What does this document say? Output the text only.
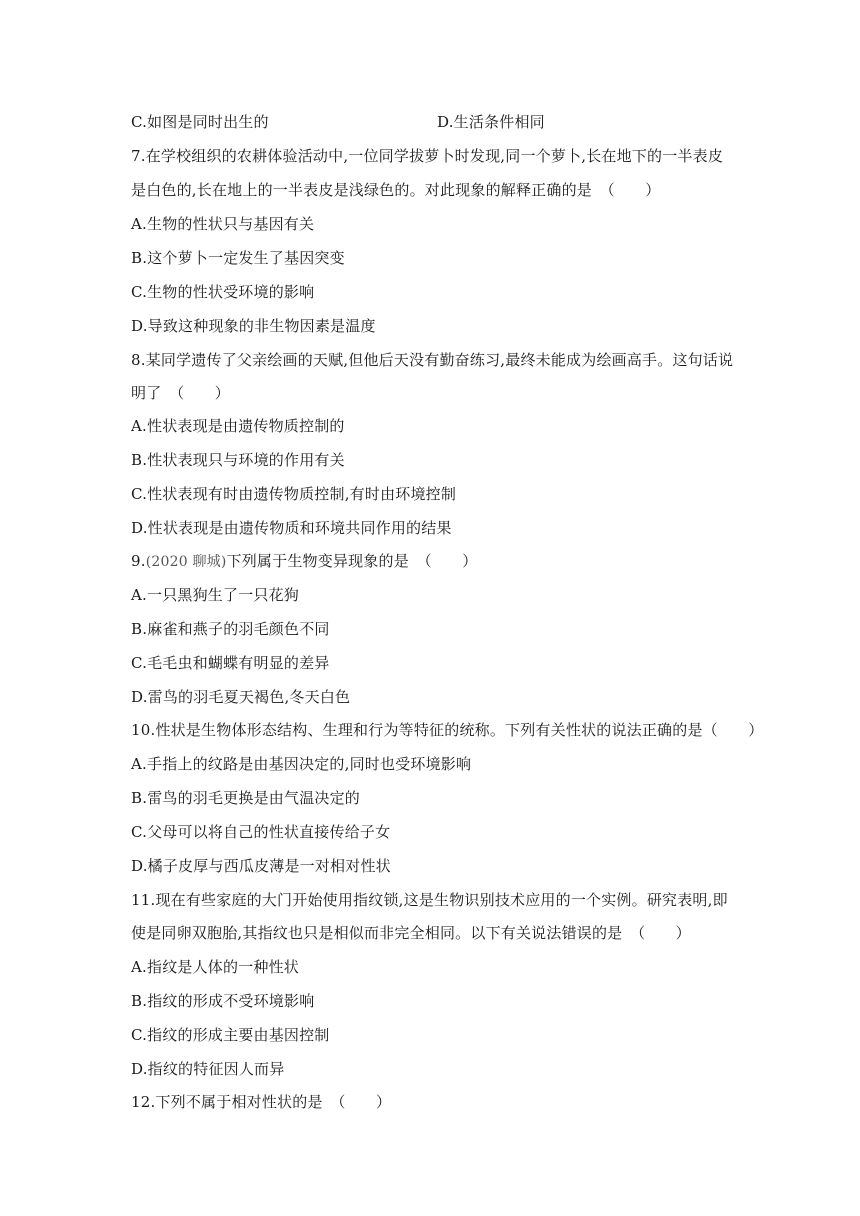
C.如图是同时出生的	D.生活条件相同
7.在学校组织的农耕体验活动中,一位同学拔萝卜时发现,同一个萝卜,长在地下的一半表皮
是白色的,长在地上的一半表皮是浅绿色的。对此现象的解释正确的是　（　　）
A.生物的性状只与基因有关
B.这个萝卜一定发生了基因突变
C.生物的性状受环境的影响
D.导致这种现象的非生物因素是温度
8.某同学遗传了父亲绘画的天赋,但他后天没有勤奋练习,最终未能成为绘画高手。这句话说
明了　（　　）
A.性状表现是由遗传物质控制的
B.性状表现只与环境的作用有关
C.性状表现有时由遗传物质控制,有时由环境控制
D.性状表现是由遗传物质和环境共同作用的结果
9.(2020 聊城)下列属于生物变异现象的是　（　　）
A.一只黑狗生了一只花狗
B.麻雀和燕子的羽毛颜色不同
C.毛毛虫和蝴蝶有明显的差异
D.雷鸟的羽毛夏天褐色,冬天白色
10.性状是生物体形态结构、生理和行为等特征的统称。下列有关性状的说法正确的是（　　）
A.手指上的纹路是由基因决定的,同时也受环境影响
B.雷鸟的羽毛更换是由气温决定的
C.父母可以将自己的性状直接传给子女
D.橘子皮厚与西瓜皮薄是一对相对性状
11.现在有些家庭的大门开始使用指纹锁,这是生物识别技术应用的一个实例。研究表明,即
使是同卵双胞胎,其指纹也只是相似而非完全相同。以下有关说法错误的是　（　　）
A.指纹是人体的一种性状
B.指纹的形成不受环境影响
C.指纹的形成主要由基因控制
D.指纹的特征因人而异
12.下列不属于相对性状的是　（　　）
